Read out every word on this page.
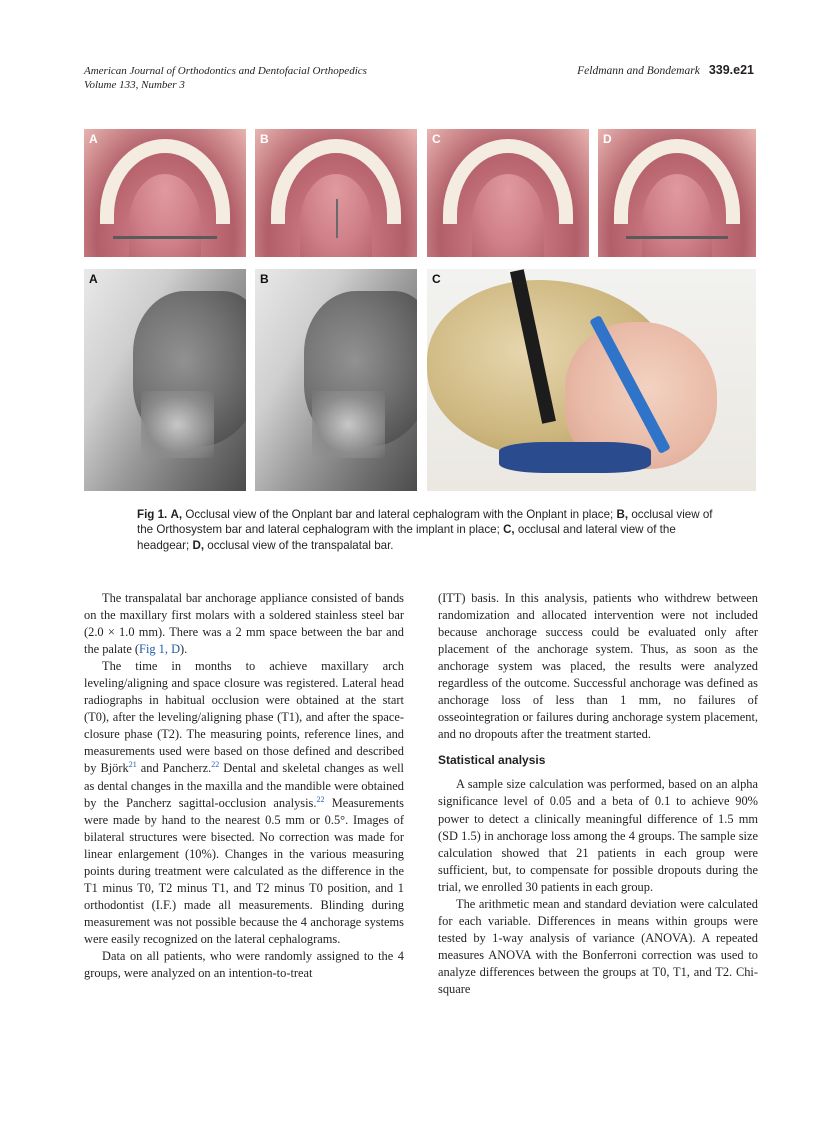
American Journal of Orthodontics and Dentofacial Orthopedics
Volume 133, Number 3
Feldmann and Bondemark 339.e21
A	B	C	D
A	B	C
Fig 1. A, Occlusal view of the Onplant bar and lateral cephalogram with the Onplant in place; B, occlusal view of the Orthosystem bar and lateral cephalogram with the implant in place; C, occlusal and lateral view of the headgear; D, occlusal view of the transpalatal bar.

The transpalatal bar anchorage appliance consisted of bands on the maxillary first molars with a soldered stainless steel bar (2.0 × 1.0 mm). There was a 2 mm space between the bar and the palate (Fig 1, D).

The time in months to achieve maxillary arch leveling/aligning and space closure was registered. Lateral head radiographs in habitual occlusion were obtained at the start (T0), after the leveling/aligning phase (T1), and after the space-closure phase (T2). The measuring points, reference lines, and measurements used were based on those defined and described by Björk$^{21}$ and Pancherz.$^{22}$ Dental and skeletal changes as well as dental changes in the maxilla and the mandible were obtained by the Pancherz sagittal-occlusion analysis.$^{22}$ Measurements were made by hand to the nearest 0.5 mm or 0.5°. Images of bilateral structures were bisected. No correction was made for linear enlargement (10%). Changes in the various measuring points during treatment were calculated as the difference in the T1 minus T0, T2 minus T1, and T2 minus T0 position, and 1 orthodontist (I.F.) made all measurements. Blinding during measurement was not possible because the 4 anchorage systems were easily recognized on the lateral cephalograms.

Data on all patients, who were randomly assigned to the 4 groups, were analyzed on an intention-to-treat

(ITT) basis. In this analysis, patients who withdrew between randomization and allocated intervention were not included because anchorage success could be evaluated only after placement of the anchorage system. Thus, as soon as the anchorage system was placed, the results were analyzed regardless of the outcome. Successful anchorage was defined as anchorage loss of less than 1 mm, no failures of osseointegration or failures during anchorage system placement, and no dropouts after the treatment started.

Statistical analysis

A sample size calculation was performed, based on an alpha significance level of 0.05 and a beta of 0.1 to achieve 90% power to detect a clinically meaningful difference of 1.5 mm (SD 1.5) in anchorage loss among the 4 groups. The sample size calculation showed that 21 patients in each group were sufficient, but, to compensate for possible dropouts during the trial, we enrolled 30 patients in each group.

The arithmetic mean and standard deviation were calculated for each variable. Differences in means within groups were tested by 1-way analysis of variance (ANOVA). A repeated measures ANOVA with the Bonferroni correction was used to analyze differences between the groups at T0, T1, and T2. Chi-square
